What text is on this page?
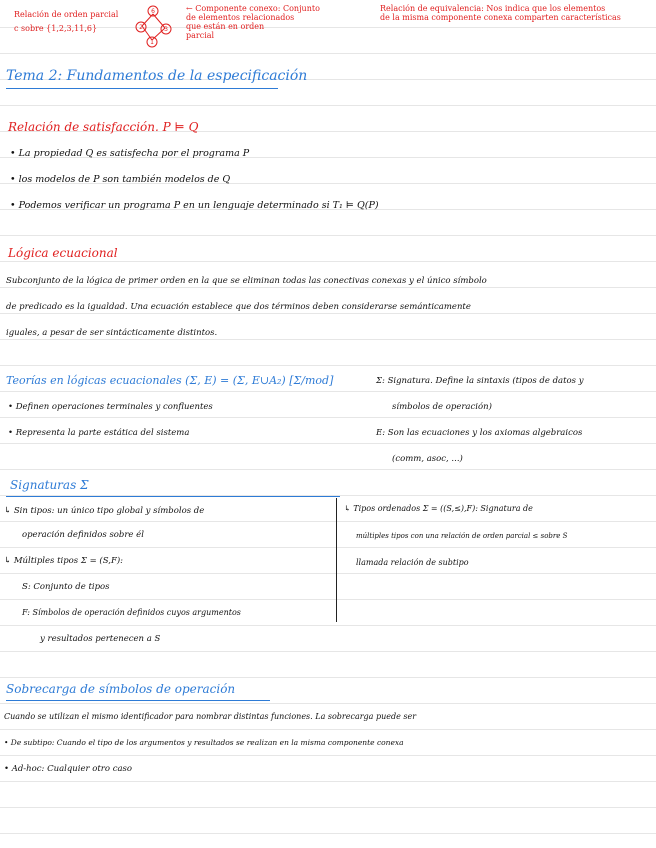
Relación de orden parcial
c sobre {1,2,3,11,6}
6
2	3
1
← Componente conexo: Conjunto
de elementos relacionados
que están en orden
parcial
Relación de equivalencia: Nos indica que los elementos
de la misma componente conexa comparten características
Tema 2: Fundamentos de la especificación
Relación de satisfacción. P ⊨ Q
• La propiedad Q es satisfecha por el programa P
• los modelos de P son también modelos de Q
• Podemos verificar un programa P en un lenguaje determinado si T₁ ⊨ Q(P)
Lógica ecuacional
Subconjunto de la lógica de primer orden en la que se eliminan todas las conectivas conexas y el único símbolo
de predicado es la igualdad. Una ecuación establece que dos términos deben considerarse semánticamente
iguales, a pesar de ser sintácticamente distintos.
Teorías en lógicas ecuacionales (Σ, E) = (Σ, E∪A₂) [Σ/mod]
• Definen operaciones terminales y confluentes
• Representa la parte estática del sistema
Σ: Signatura. Define la sintaxis (tipos de datos y
símbolos de operación)
E: Son las ecuaciones y los axiomas algebraicos
(comm, asoc, ...)
Signaturas Σ
↳ Sin tipos: un único tipo global y símbolos de
operación definidos sobre él
↳ Múltiples tipos Σ = (S,F):
S: Conjunto de tipos
F: Símbolos de operación definidos cuyos argumentos
y resultados pertenecen a S
↳ Tipos ordenados Σ = ((S,≤),F): Signatura de
múltiples tipos con una relación de orden parcial ≤ sobre S
llamada relación de subtipo
Sobrecarga de símbolos de operación
Cuando se utilizan el mismo identificador para nombrar distintas funciones. La sobrecarga puede ser
• De subtipo: Cuando el tipo de los argumentos y resultados se realizan en la misma componente conexa
• Ad-hoc: Cualquier otro caso
